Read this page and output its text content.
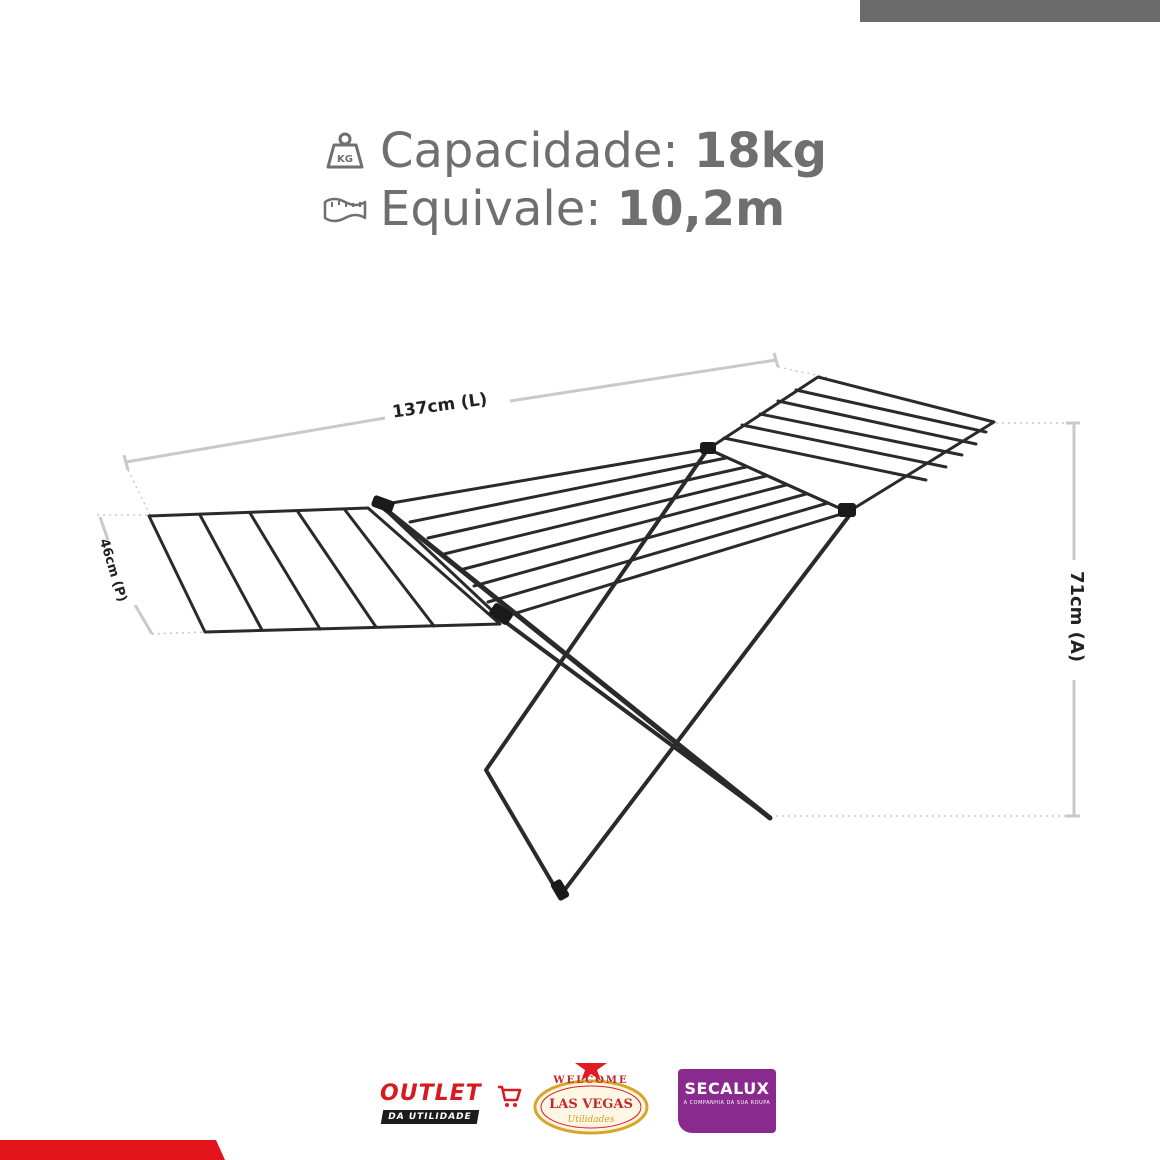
KG Capacidade: 18kg
Equivale: 10,2m
137cm (L)
46cm (P)
71cm (A)
OUTLET
DA UTILIDADE
WELCOME
LAS VEGAS
Utilidades
SECALUX
A COMPANHIA DA SUA ROUPA
